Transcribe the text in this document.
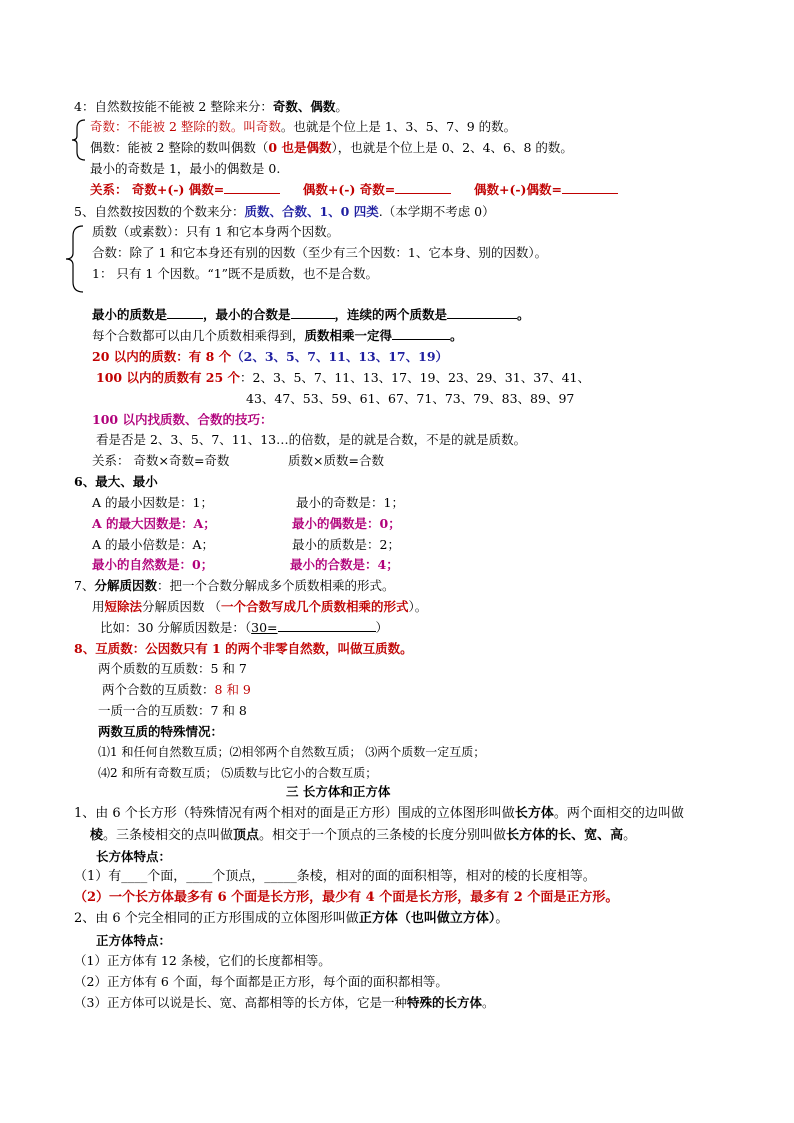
4：自然数按能不能被 2 整除来分：奇数、偶数。
奇数：不能被 2 整除的数。叫奇数。也就是个位上是 1、3、5、7、9 的数。
偶数：能被 2 整除的数叫偶数（0 也是偶数），也就是个位上是 0、2、4、6、8 的数。
最小的奇数是 1，最小的偶数是 0.
关系： 奇数+(-) 偶数=	偶数+(-) 奇数=	偶数+(-)偶数=
5、自然数按因数的个数来分：质数、合数、1、0 四类.（本学期不考虑 0）
质数（或素数）：只有 1 和它本身两个因数。
合数：除了 1 和它本身还有别的因数（至少有三个因数：1、它本身、别的因数）。
1： 只有 1 个因数。“1”既不是质数，也不是合数。
最小的质数是	，最小的合数是	，连续的两个质数是	。
每个合数都可以由几个质数相乘得到，质数相乘一定得	。
20 以内的质数：有 8 个（2、3、5、7、11、13、17、19）
100 以内的质数有 25 个：2、3、5、7、11、13、17、19、23、29、31、37、41、
43、47、53、59、61、67、71、73、79、83、89、97
100 以内找质数、合数的技巧：
看是否是 2、3、5、7、11、13…的倍数，是的就是合数，不是的就是质数。
关系： 奇数×奇数=奇数	质数×质数=合数
6、最大、最小
A 的最小因数是：1；	最小的奇数是：1；
A 的最大因数是：A；	最小的偶数是：0；
A 的最小倍数是：A；	最小的质数是：2；
最小的自然数是：0；	最小的合数是：4；
7、分解质因数：把一个合数分解成多个质数相乘的形式。
用短除法分解质因数 （一个合数写成几个质数相乘的形式）。
比如：30 分解质因数是：（30=	）
8、互质数：公因数只有 1 的两个非零自然数，叫做互质数。
两个质数的互质数：5 和 7
两个合数的互质数：8 和 9
一质一合的互质数：7 和 8
两数互质的特殊情况：
⑴1 和任何自然数互质；⑵相邻两个自然数互质； ⑶两个质数一定互质；
⑷2 和所有奇数互质； ⑸质数与比它小的合数互质；
三 长方体和正方体
1、由 6 个长方形（特殊情况有两个相对的面是正方形）围成的立体图形叫做长方体。两个面相交的边叫做
棱。三条棱相交的点叫做顶点。相交于一个顶点的三条棱的长度分别叫做长方体的长、宽、高。
长方体特点：
（1）有____个面，____个顶点，_____条棱，相对的面的面积相等，相对的棱的长度相等。
（2）一个长方体最多有 6 个面是长方形，最少有 4 个面是长方形，最多有 2 个面是正方形。
2、由 6 个完全相同的正方形围成的立体图形叫做正方体（也叫做立方体）。
正方体特点：
（1）正方体有 12 条棱，它们的长度都相等。
（2）正方体有 6 个面，每个面都是正方形，每个面的面积都相等。
（3）正方体可以说是长、宽、高都相等的长方体，它是一种特殊的长方体。
